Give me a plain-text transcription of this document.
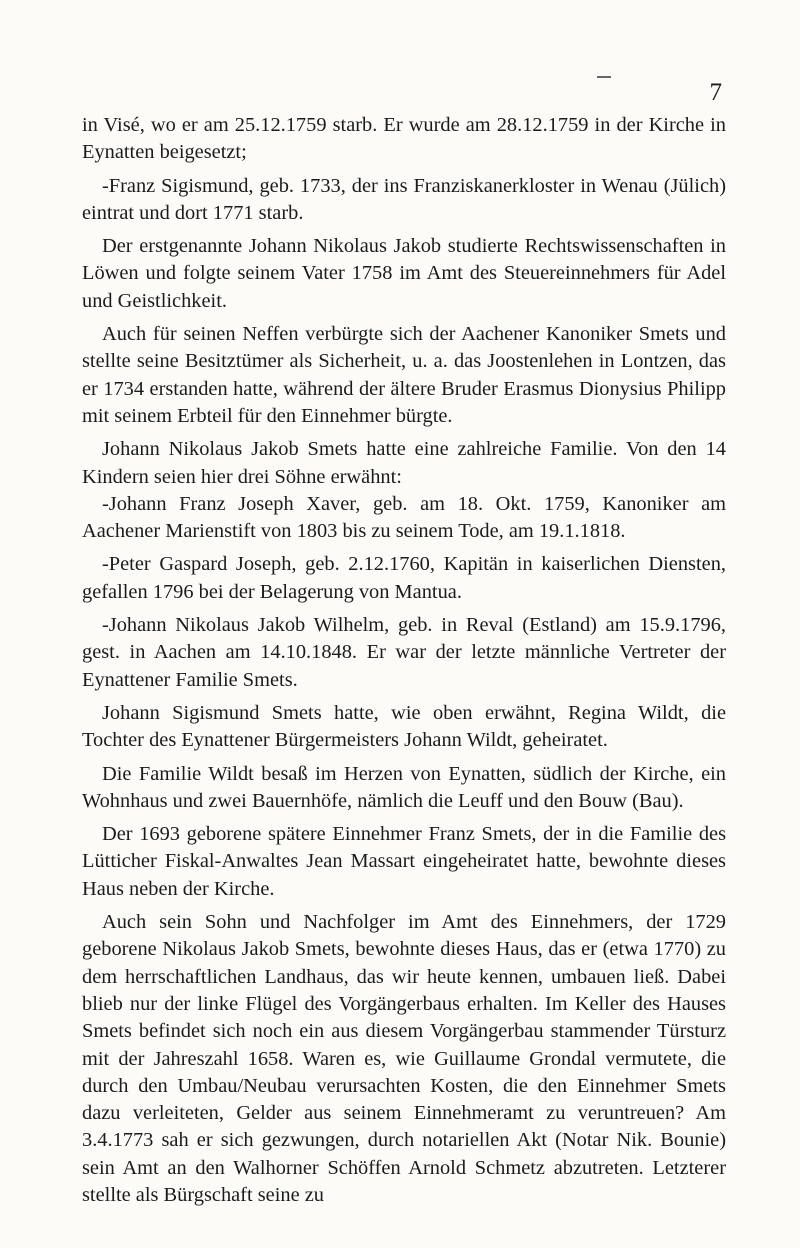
7

in Visé, wo er am 25.12.1759 starb. Er wurde am 28.12.1759 in der Kirche in Eynatten beigesetzt;

-Franz Sigismund, geb. 1733, der ins Franziskanerkloster in Wenau (Jülich) eintrat und dort 1771 starb.

Der erstgenannte Johann Nikolaus Jakob studierte Rechtswissenschaften in Löwen und folgte seinem Vater 1758 im Amt des Steuereinnehmers für Adel und Geistlichkeit.

Auch für seinen Neffen verbürgte sich der Aachener Kanoniker Smets und stellte seine Besitztümer als Sicherheit, u. a. das Joostenlehen in Lontzen, das er 1734 erstanden hatte, während der ältere Bruder Erasmus Dionysius Philipp mit seinem Erbteil für den Einnehmer bürgte.

Johann Nikolaus Jakob Smets hatte eine zahlreiche Familie. Von den 14 Kindern seien hier drei Söhne erwähnt:

-Johann Franz Joseph Xaver, geb. am 18. Okt. 1759, Kanoniker am Aachener Marienstift von 1803 bis zu seinem Tode, am 19.1.1818.

-Peter Gaspard Joseph, geb. 2.12.1760, Kapitän in kaiserlichen Diensten, gefallen 1796 bei der Belagerung von Mantua.

-Johann Nikolaus Jakob Wilhelm, geb. in Reval (Estland) am 15.9.1796, gest. in Aachen am 14.10.1848. Er war der letzte männliche Vertreter der Eynattener Familie Smets.

Johann Sigismund Smets hatte, wie oben erwähnt, Regina Wildt, die Tochter des Eynattener Bürgermeisters Johann Wildt, geheiratet.

Die Familie Wildt besaß im Herzen von Eynatten, südlich der Kirche, ein Wohnhaus und zwei Bauernhöfe, nämlich die Leuff und den Bouw (Bau).

Der 1693 geborene spätere Einnehmer Franz Smets, der in die Familie des Lütticher Fiskal-Anwaltes Jean Massart eingeheiratet hatte, bewohnte dieses Haus neben der Kirche.

Auch sein Sohn und Nachfolger im Amt des Einnehmers, der 1729 geborene Nikolaus Jakob Smets, bewohnte dieses Haus, das er (etwa 1770) zu dem herrschaftlichen Landhaus, das wir heute kennen, umbauen ließ. Dabei blieb nur der linke Flügel des Vorgängerbaus erhalten. Im Keller des Hauses Smets befindet sich noch ein aus diesem Vorgängerbau stammender Türsturz mit der Jahreszahl 1658. Waren es, wie Guillaume Grondal vermutete, die durch den Umbau/Neubau verursachten Kosten, die den Einnehmer Smets dazu verleiteten, Gelder aus seinem Einnehmeramt zu veruntreuen? Am 3.4.1773 sah er sich gezwungen, durch notariellen Akt (Notar Nik. Bounie) sein Amt an den Walhorner Schöffen Arnold Schmetz abzutreten. Letzterer stellte als Bürgschaft seine zu
